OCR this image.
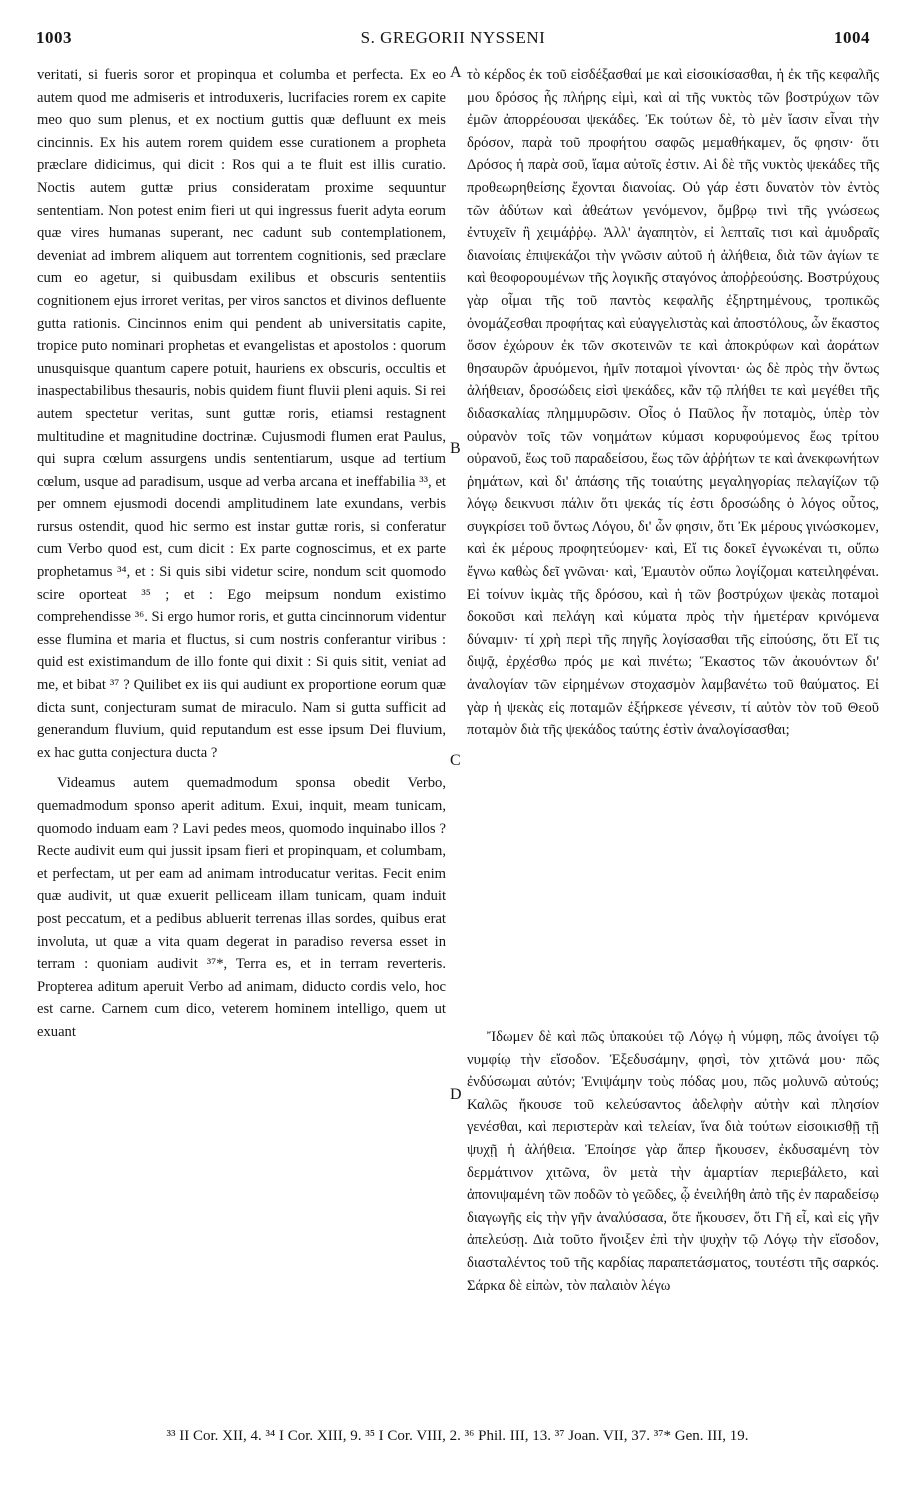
1003	S. GREGORII NYSSENI	1004

veritati, si fueris soror et propinqua et columba et perfecta. Ex eo autem quod me admiseris et introduxeris, lucrifacies rorem ex capite meo quo sum plenus, et ex noctium guttis quæ defluunt ex meis cincinnis. Ex his autem rorem quidem esse curationem a propheta præclare didicimus, qui dicit : Ros qui a te fluit est illis curatio. Noctis autem guttæ prius consideratam proxime sequuntur sententiam. Non potest enim fieri ut qui ingressus fuerit adyta eorum quæ vires humanas superant, nec cadunt sub contemplationem, deveniat ad imbrem aliquem aut torrentem cognitionis, sed præclare cum eo agetur, si quibusdam exilibus et obscuris sententiis cognitionem ejus irroret veritas, per viros sanctos et divinos defluente gutta rationis. Cincinnos enim qui pendent ab universitatis capite, tropice puto nominari prophetas et evangelistas et apostolos : quorum unusquisque quantum capere potuit, hauriens ex obscuris, occultis et inaspectabilibus thesauris, nobis quidem fiunt fluvii pleni aquis. Si rei autem spectetur veritas, sunt guttæ roris, etiamsi restagnent multitudine et magnitudine doctrinæ. Cujusmodi flumen erat Paulus, qui supra cœlum assurgens undis sententiarum, usque ad tertium cœlum, usque ad paradisum, usque ad verba arcana et ineffabilia ³³, et per omnem ejusmodi docendi amplitudinem late exundans, verbis rursus ostendit, quod hic sermo est instar guttæ roris, si conferatur cum Verbo quod est, cum dicit : Ex parte cognoscimus, et ex parte prophetamus ³⁴, et : Si quis sibi videtur scire, nondum scit quomodo scire oporteat ³⁵ ; et : Ego meipsum nondum existimo comprehendisse ³⁶. Si ergo humor roris, et gutta cincinnorum videntur esse flumina et maria et fluctus, si cum nostris conferantur viribus : quid est existimandum de illo fonte qui dixit : Si quis sitit, veniat ad me, et bibat ³⁷ ? Quilibet ex iis qui audiunt ex proportione eorum quæ dicta sunt, conjecturam sumat de miraculo. Nam si gutta sufficit ad generandum fluvium, quid reputandum est esse ipsum Dei fluvium, ex hac gutta conjectura ducta ?

Videamus autem quemadmodum sponsa obedit Verbo, quemadmodum sponso aperit aditum. Exui, inquit, meam tunicam, quomodo induam eam ? Lavi pedes meos, quomodo inquinabo illos ? Recte audivit eum qui jussit ipsam fieri et propinquam, et columbam, et perfectam, ut per eam ad animam introducatur veritas. Fecit enim quæ audivit, ut quæ exuerit pelliceam illam tunicam, quam induit post peccatum, et a pedibus abluerit terrenas illas sordes, quibus erat involuta, ut quæ a vita quam degerat in paradiso reversa esset in terram : quoniam audivit ³⁷*, Terra es, et in terram reverteris. Propterea aditum aperuit Verbo ad animam, diducto cordis velo, hoc est carne. Carnem cum dico, veterem hominem intelligo, quem ut exuant

τὸ κέρδος ἐκ τοῦ εἰσδέξασθαί με καὶ εἰσοικίσασθαι, ἡ ἐκ τῆς κεφαλῆς μου δρόσος ἧς πλήρης εἰμὶ, καὶ αἱ τῆς νυκτὸς τῶν βοστρύχων τῶν ἐμῶν ἀπορρέουσαι ψεκάδες. Ἐκ τούτων δὲ, τὸ μὲν ἴασιν εἶναι τὴν δρόσον, παρὰ τοῦ προφήτου σαφῶς μεμαθήκαμεν, ὅς φησιν· ὅτι Δρόσος ἡ παρὰ σοῦ, ἴαμα αὐτοῖς ἐστιν. Αἱ δὲ τῆς νυκτὸς ψεκάδες τῆς προθεωρηθείσης ἔχονται διανοίας. Οὐ γάρ ἐστι δυνατὸν τὸν ἐντὸς τῶν ἀδύτων καὶ ἀθεάτων γενόμενον, ὄμβρῳ τινὶ τῆς γνώσεως ἐντυχεῖν ἢ χειμάῤῥῳ. Ἀλλ' ἀγαπητὸν, εἰ λεπταῖς τισι καὶ ἀμυδραῖς διανοίαις ἐπιψεκάζοι τὴν γνῶσιν αὐτοῦ ἡ ἀλήθεια, διὰ τῶν ἁγίων τε καὶ θεοφορουμένων τῆς λογικῆς σταγόνος ἀποῤῥεούσης. Βοστρύχους γὰρ οἶμαι τῆς τοῦ παντὸς κεφαλῆς ἐξηρτημένους, τροπικῶς ὀνομάζεσθαι προφήτας καὶ εὐαγγελιστὰς καὶ ἀποστόλους, ὧν ἕκαστος ὅσον ἐχώρουν ἐκ τῶν σκοτεινῶν τε καὶ ἀποκρύφων καὶ ἀοράτων θησαυρῶν ἀρυόμενοι, ἡμῖν ποταμοὶ γίνονται· ὡς δὲ πρὸς τὴν ὄντως ἀλήθειαν, δροσώδεις εἰσὶ ψεκάδες, κἂν τῷ πλήθει τε καὶ μεγέθει τῆς διδασκαλίας πλημμυρῶσιν. Οἷος ὁ Παῦλος ἦν ποταμὸς, ὑπὲρ τὸν οὐρανὸν τοῖς τῶν νοημάτων κύμασι κορυφούμενος ἕως τρίτου οὐρανοῦ, ἕως τοῦ παραδείσου, ἕως τῶν ἀῤῥήτων τε καὶ ἀνεκφωνήτων ῥημάτων, καὶ δι' ἁπάσης τῆς τοιαύτης μεγαληγορίας πελαγίζων τῷ λόγῳ δεικνυσι πάλιν ὅτι ψεκάς τίς ἐστι δροσώδης ὁ λόγος οὗτος, συγκρίσει τοῦ ὄντως Λόγου, δι' ὧν φησιν, ὅτι Ἐκ μέρους γινώσκομεν, καὶ ἐκ μέρους προφητεύομεν· καὶ, Εἴ τις δοκεῖ ἐγνωκέναι τι, οὔπω ἔγνω καθὼς δεῖ γνῶναι· καὶ, Ἐμαυτὸν οὔπω λογίζομαι κατειληφέναι. Εἰ τοίνυν ἰκμὰς τῆς δρόσου, καὶ ἡ τῶν βοστρύχων ψεκὰς ποταμοὶ δοκοῦσι καὶ πελάγη καὶ κύματα πρὸς τὴν ἡμετέραν κρινόμενα δύναμιν· τί χρὴ περὶ τῆς πηγῆς λογίσασθαι τῆς εἰπούσης, ὅτι Εἴ τις διψᾷ, ἐρχέσθω πρός με καὶ πινέτω; Ἕκαστος τῶν ἀκουόντων δι' ἀναλογίαν τῶν εἰρημένων στοχασμὸν λαμβανέτω τοῦ θαύματος. Εἰ γὰρ ἡ ψεκὰς εἰς ποταμῶν ἐξήρκεσε γένεσιν, τί αὐτὸν τὸν τοῦ Θεοῦ ποταμὸν διὰ τῆς ψεκάδος ταύτης ἐστὶν ἀναλογίσασθαι;

Ἴδωμεν δὲ καὶ πῶς ὑπακούει τῷ Λόγῳ ἡ νύμφη, πῶς ἀνοίγει τῷ νυμφίῳ τὴν εἴσοδον. Ἐξεδυσάμην, φησὶ, τὸν χιτῶνά μου· πῶς ἐνδύσωμαι αὐτόν; Ἐνιψάμην τοὺς πόδας μου, πῶς μολυνῶ αὐτούς; Καλῶς ἤκουσε τοῦ κελεύσαντος ἀδελφὴν αὐτὴν καὶ πλησίον γενέσθαι, καὶ περιστερὰν καὶ τελείαν, ἵνα διὰ τούτων εἰσοικισθῇ τῇ ψυχῇ ἡ ἀλήθεια. Ἐποίησε γὰρ ἅπερ ἤκουσεν, ἐκδυσαμένη τὸν δερμάτινον χιτῶνα, ὃν μετὰ τὴν ἁμαρτίαν περιεβάλετο, καὶ ἀπονιψαμένη τῶν ποδῶν τὸ γεῶδες, ᾧ ἐνειλήθη ἀπὸ τῆς ἐν παραδείσῳ διαγωγῆς εἰς τὴν γῆν ἀναλύσασα, ὅτε ἤκουσεν, ὅτι Γῆ εἶ, καὶ εἰς γῆν ἀπελεύσῃ. Διὰ τοῦτο ἤνοιξεν ἐπὶ τὴν ψυχὴν τῷ Λόγῳ τὴν εἴσοδον, διασταλέντος τοῦ τῆς καρδίας παραπετάσματος, τουτέστι τῆς σαρκός. Σάρκα δὲ εἰπὼν, τὸν παλαιὸν λέγω

A
B
C
D
³³ II Cor. XII, 4. ³⁴ I Cor. XIII, 9. ³⁵ I Cor. VIII, 2. ³⁶ Phil. III, 13. ³⁷ Joan. VII, 37. ³⁷* Gen. III, 19.
